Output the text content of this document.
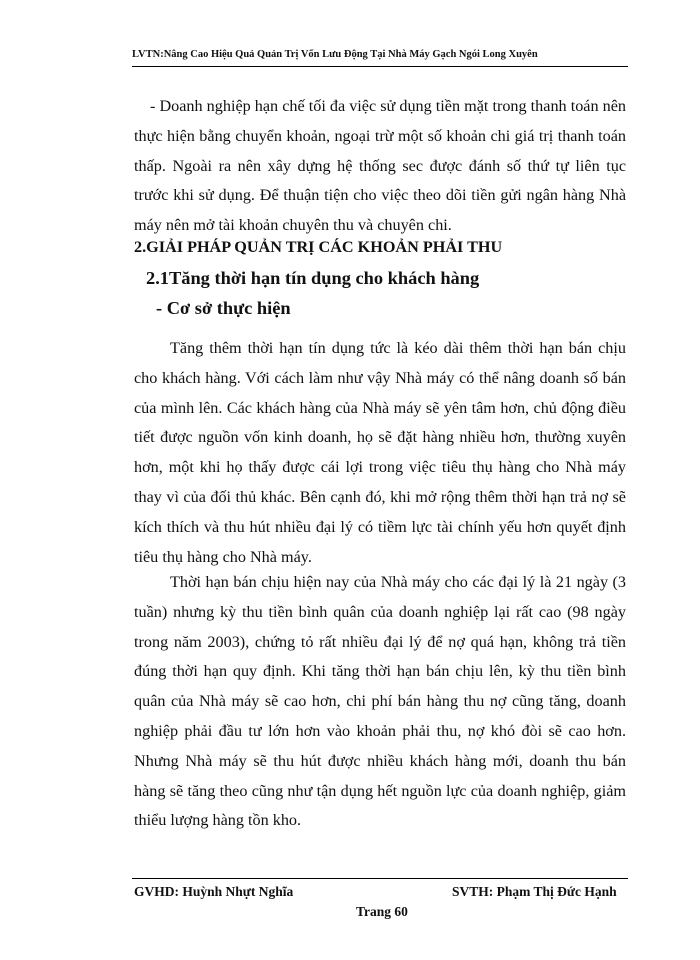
LVTN:Nâng Cao Hiệu Quả Quản Trị Vốn Lưu Động Tại Nhà Máy Gạch Ngói Long Xuyên

- Doanh nghiệp hạn chế tối đa việc sử dụng tiền mặt trong thanh toán nên thực hiện bằng chuyển khoản, ngoại trừ một số khoản chi giá trị thanh toán thấp. Ngoài ra nên xây dựng hệ thống sec được đánh số thứ tự liên tục trước khi sử dụng. Để thuận tiện cho việc theo dõi tiền gửi ngân hàng Nhà máy nên mở tài khoản chuyên thu và chuyên chi.

2.GIẢI PHÁP QUẢN TRỊ CÁC KHOẢN PHẢI THU
2.1Tăng thời hạn tín dụng cho khách hàng
- Cơ sở thực hiện

Tăng thêm thời hạn tín dụng tức là kéo dài thêm thời hạn bán chịu cho khách hàng. Với cách làm như vậy Nhà máy có thể nâng doanh số bán của mình lên. Các khách hàng của Nhà máy sẽ yên tâm hơn, chủ động điều tiết được nguồn vốn kinh doanh, họ sẽ đặt hàng nhiều hơn, thường xuyên hơn, một khi họ thấy được cái lợi trong việc tiêu thụ hàng cho Nhà máy thay vì của đối thủ khác. Bên cạnh đó, khi mở rộng thêm thời hạn trả nợ sẽ kích thích và thu hút nhiều đại lý có tiềm lực tài chính yếu hơn quyết định tiêu thụ hàng cho Nhà máy.

Thời hạn bán chịu hiện nay của Nhà máy cho các đại lý là 21 ngày (3 tuần) nhưng kỳ thu tiền bình quân của doanh nghiệp lại rất cao (98 ngày trong năm 2003), chứng tỏ rất nhiều đại lý để nợ quá hạn, không trả tiền đúng thời hạn quy định. Khi tăng thời hạn bán chịu lên, kỳ thu tiền bình quân của Nhà máy sẽ cao hơn, chi phí bán hàng thu nợ cũng tăng, doanh nghiệp phải đầu tư lớn hơn vào khoản phải thu, nợ khó đòi sẽ cao hơn. Nhưng Nhà máy sẽ thu hút được nhiều khách hàng mới, doanh thu bán hàng sẽ tăng theo cũng như tận dụng hết nguồn lực của doanh nghiệp, giảm thiểu lượng hàng tồn kho.

GVHD: Huỳnh Nhựt Nghĩa	SVTH: Phạm Thị Đức Hạnh
Trang 60
